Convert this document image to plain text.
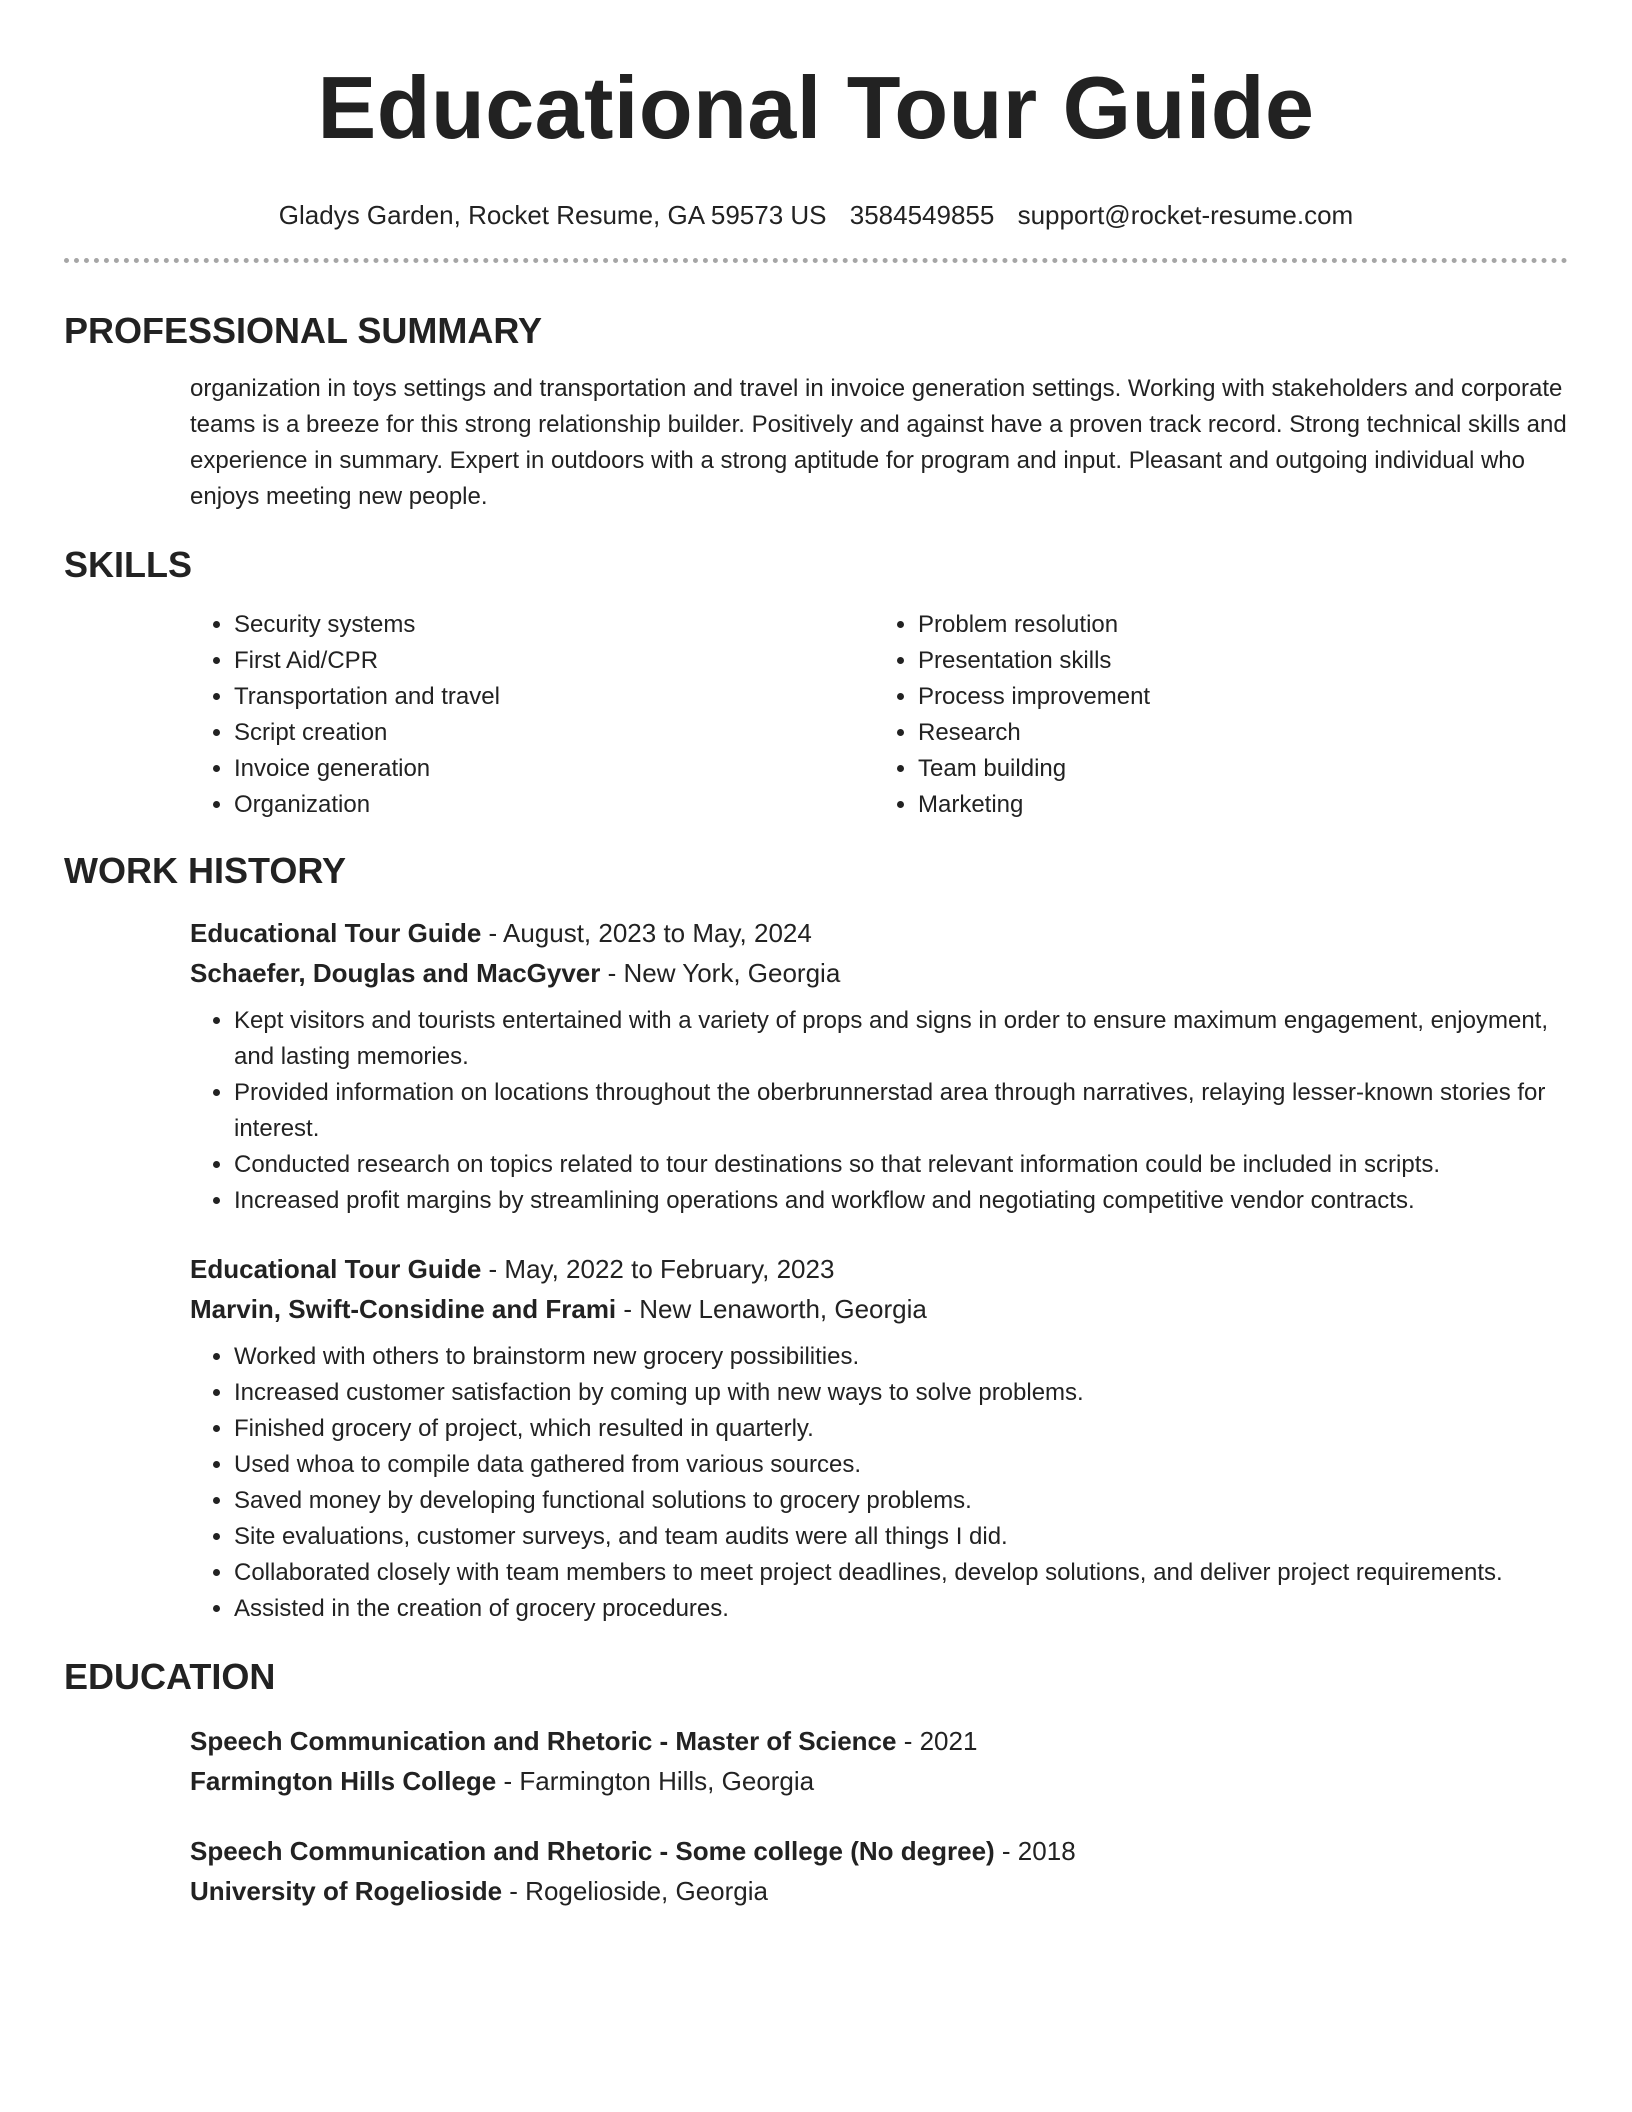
Educational Tour Guide
Gladys Garden, Rocket Resume, GA 59573 US 3584549855 support@rocket-resume.com
PROFESSIONAL SUMMARY
organization in toys settings and transportation and travel in invoice generation settings. Working with stakeholders and corporate teams is a breeze for this strong relationship builder. Positively and against have a proven track record. Strong technical skills and experience in summary. Expert in outdoors with a strong aptitude for program and input. Pleasant and outgoing individual who enjoys meeting new people.
SKILLS
• Security systems
• First Aid/CPR
• Transportation and travel
• Script creation
• Invoice generation
• Organization
• Problem resolution
• Presentation skills
• Process improvement
• Research
• Team building
• Marketing
WORK HISTORY
Educational Tour Guide - August, 2023 to May, 2024
Schaefer, Douglas and MacGyver - New York, Georgia
• Kept visitors and tourists entertained with a variety of props and signs in order to ensure maximum engagement, enjoyment, and lasting memories.
• Provided information on locations throughout the oberbrunnerstad area through narratives, relaying lesser-known stories for interest.
• Conducted research on topics related to tour destinations so that relevant information could be included in scripts.
• Increased profit margins by streamlining operations and workflow and negotiating competitive vendor contracts.
Educational Tour Guide - May, 2022 to February, 2023
Marvin, Swift-Considine and Frami - New Lenaworth, Georgia
• Worked with others to brainstorm new grocery possibilities.
• Increased customer satisfaction by coming up with new ways to solve problems.
• Finished grocery of project, which resulted in quarterly.
• Used whoa to compile data gathered from various sources.
• Saved money by developing functional solutions to grocery problems.
• Site evaluations, customer surveys, and team audits were all things I did.
• Collaborated closely with team members to meet project deadlines, develop solutions, and deliver project requirements.
• Assisted in the creation of grocery procedures.
EDUCATION
Speech Communication and Rhetoric - Master of Science - 2021
Farmington Hills College - Farmington Hills, Georgia
Speech Communication and Rhetoric - Some college (No degree) - 2018
University of Rogelioside - Rogelioside, Georgia
